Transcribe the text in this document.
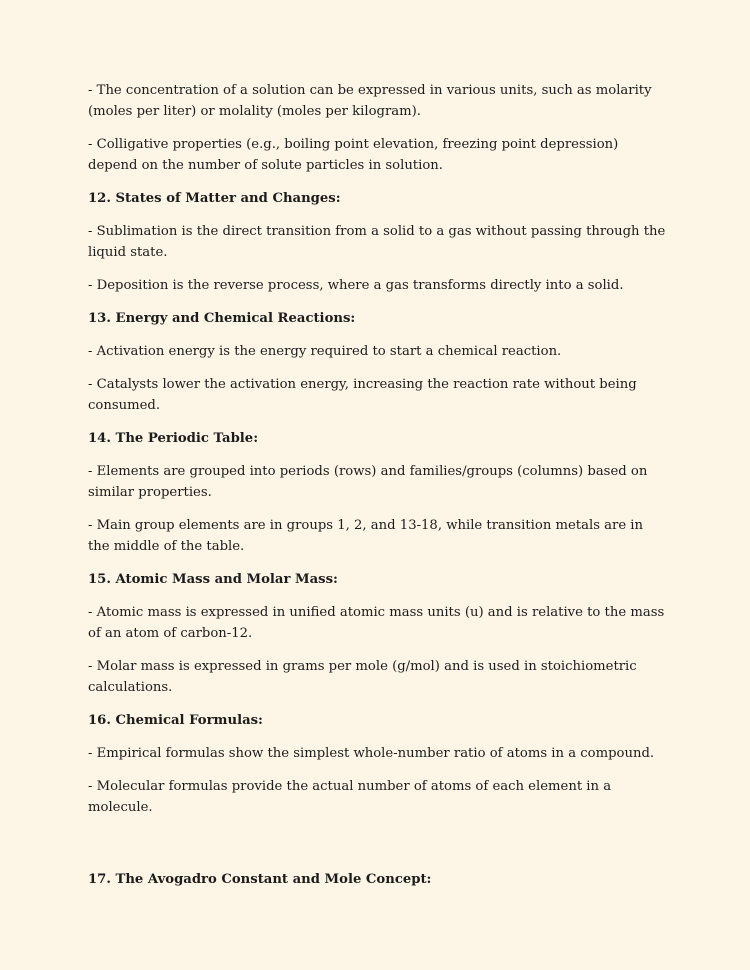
- The concentration of a solution can be expressed in various units, such as molarity (moles per liter) or molality (moles per kilogram).

- Colligative properties (e.g., boiling point elevation, freezing point depression) depend on the number of solute particles in solution.

12. States of Matter and Changes:

- Sublimation is the direct transition from a solid to a gas without passing through the liquid state.

- Deposition is the reverse process, where a gas transforms directly into a solid.

13. Energy and Chemical Reactions:

- Activation energy is the energy required to start a chemical reaction.

- Catalysts lower the activation energy, increasing the reaction rate without being consumed.

14. The Periodic Table:

- Elements are grouped into periods (rows) and families/groups (columns) based on similar properties.

- Main group elements are in groups 1, 2, and 13-18, while transition metals are in the middle of the table.

15. Atomic Mass and Molar Mass:

- Atomic mass is expressed in unified atomic mass units (u) and is relative to the mass of an atom of carbon-12.

- Molar mass is expressed in grams per mole (g/mol) and is used in stoichiometric calculations.

16. Chemical Formulas:

- Empirical formulas show the simplest whole-number ratio of atoms in a compound.

- Molecular formulas provide the actual number of atoms of each element in a molecule.

17. The Avogadro Constant and Mole Concept:
